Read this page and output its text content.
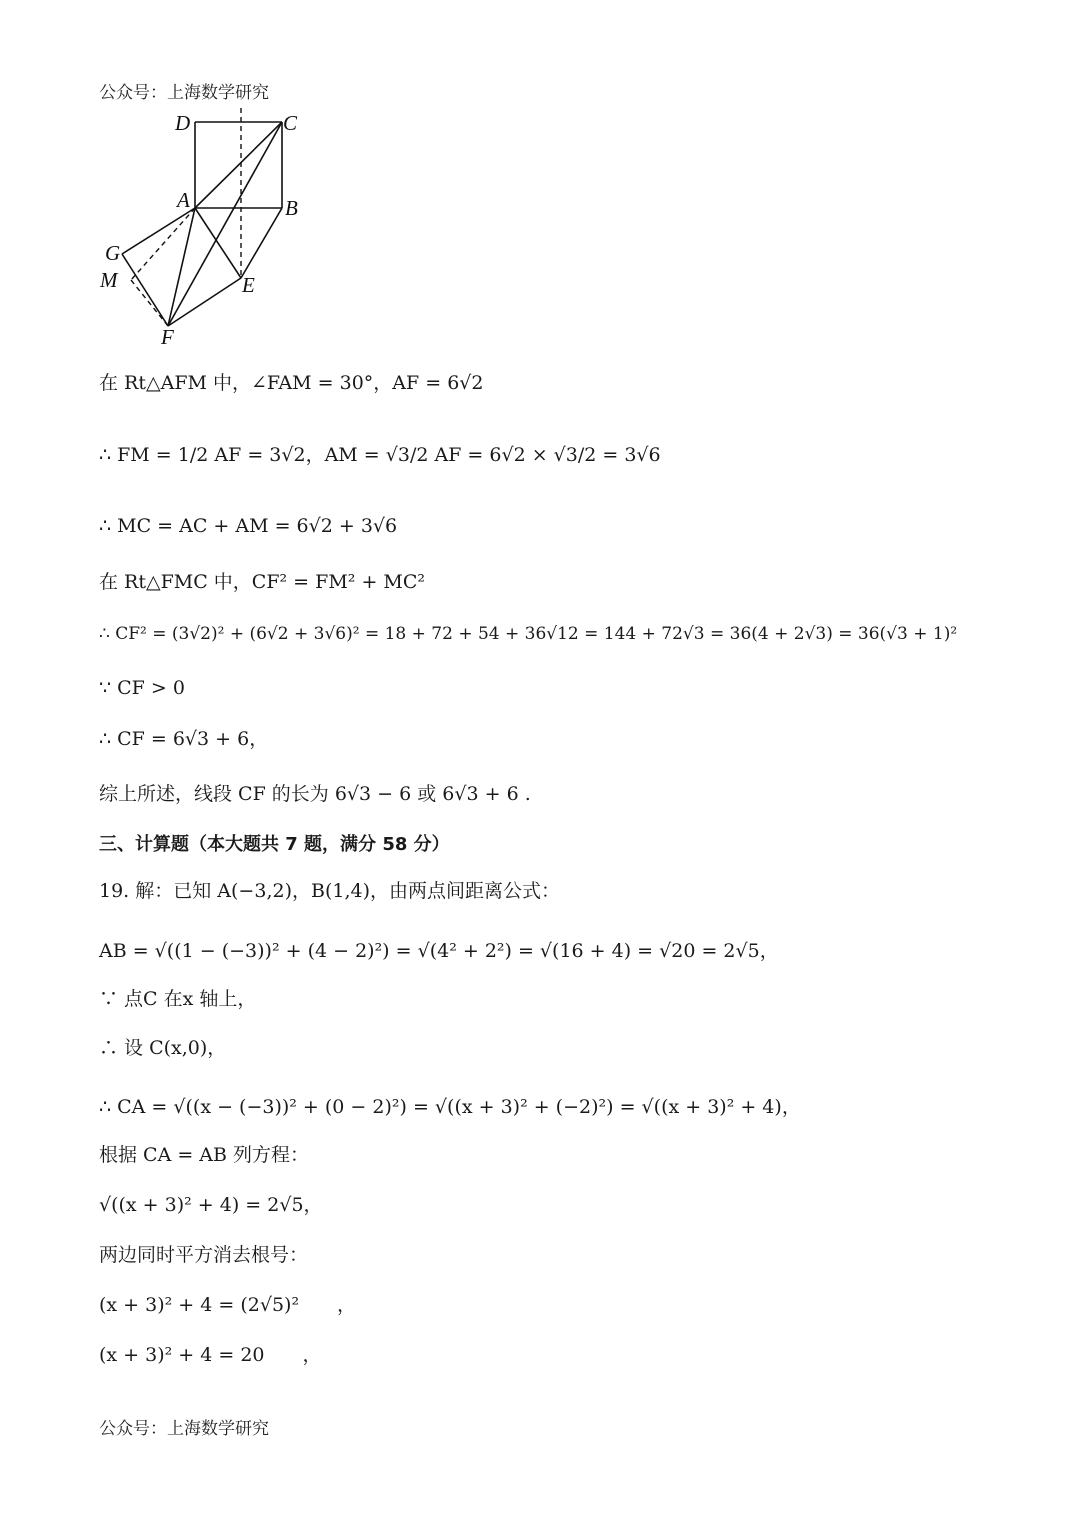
公众号：上海数学研究
D	C
A	B
G
M	E
F
在 Rt△AFM 中，∠FAM = 30°，AF = 6√2
∴ FM = 1/2 AF = 3√2，AM = √3/2 AF = 6√2 × √3/2 = 3√6
∴ MC = AC + AM = 6√2 + 3√6
在 Rt△FMC 中，CF² = FM² + MC²
∴ CF² = (3√2)² + (6√2 + 3√6)² = 18 + 72 + 54 + 36√12 = 144 + 72√3 = 36(4 + 2√3) = 36(√3 + 1)²
∵ CF > 0
∴ CF = 6√3 + 6，
综上所述，线段 CF 的长为 6√3 − 6 或 6√3 + 6 .
三、计算题（本大题共 7 题，满分 58 分）
19. 解：已知 A(−3,2)，B(1,4)，由两点间距离公式：
AB = √((1 − (−3))² + (4 − 2)²) = √(4² + 2²) = √(16 + 4) = √20 = 2√5，
∵ 点C 在x 轴上，
∴ 设 C(x,0)，
∴ CA = √((x − (−3))² + (0 − 2)²) = √((x + 3)² + (−2)²) = √((x + 3)² + 4)，
根据 CA = AB 列方程：
√((x + 3)² + 4) = 2√5，
两边同时平方消去根号：
(x + 3)² + 4 = (2√5)²　　，
(x + 3)² + 4 = 20　　，
公众号：上海数学研究
